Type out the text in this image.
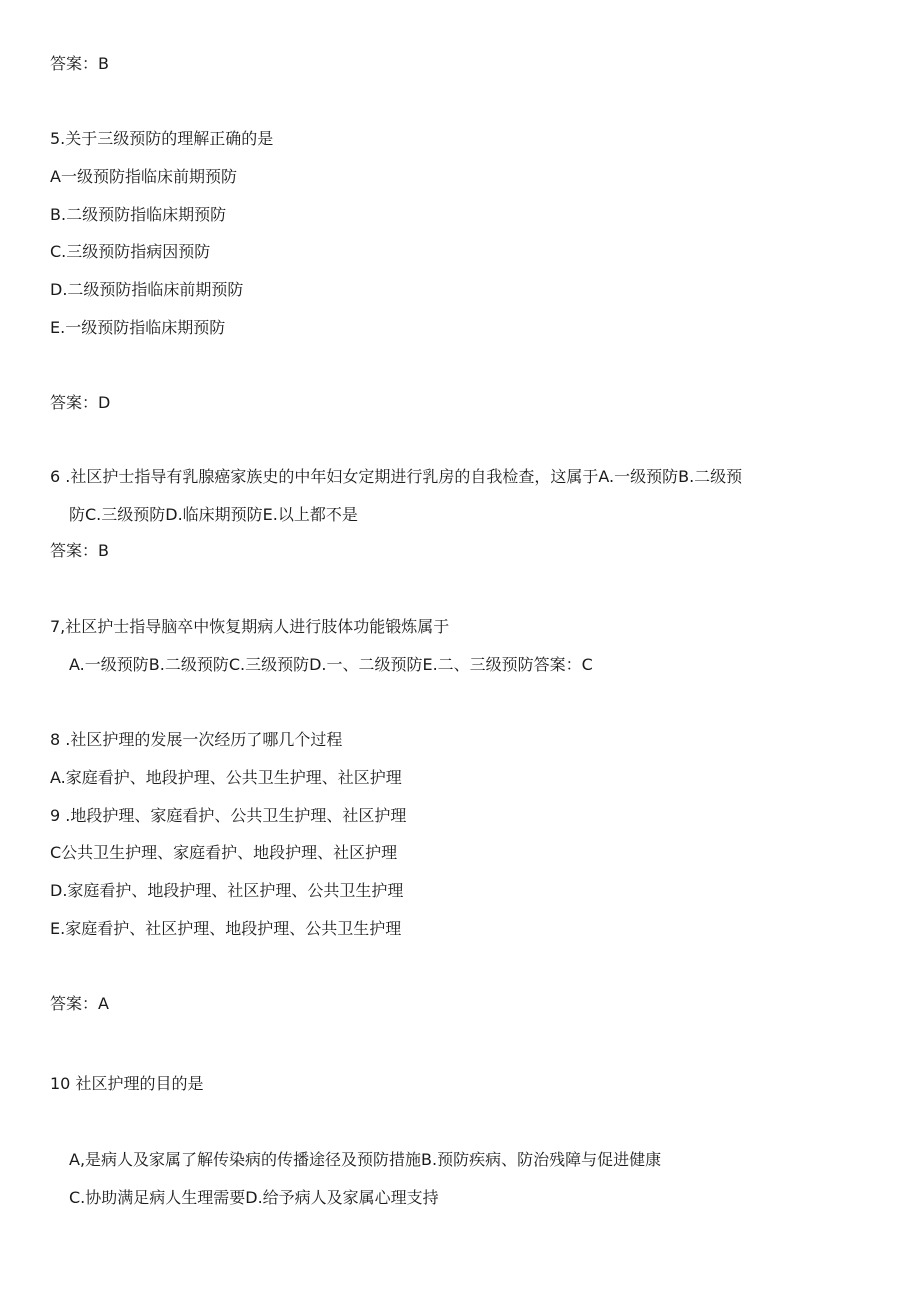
答案：B
5.关于三级预防的理解正确的是
A一级预防指临床前期预防
B.二级预防指临床期预防
C.三级预防指病因预防
D.二级预防指临床前期预防
E.一级预防指临床期预防
答案：D
6 .社区护士指导有乳腺癌家族史的中年妇女定期进行乳房的自我检查，这属于A.一级预防B.二级预
防C.三级预防D.临床期预防E.以上都不是
答案：B
7,社区护士指导脑卒中恢复期病人进行肢体功能锻炼属于
A.一级预防B.二级预防C.三级预防D.一、二级预防E.二、三级预防答案：C
8 .社区护理的发展一次经历了哪几个过程
A.家庭看护、地段护理、公共卫生护理、社区护理
9 .地段护理、家庭看护、公共卫生护理、社区护理
C公共卫生护理、家庭看护、地段护理、社区护理
D.家庭看护、地段护理、社区护理、公共卫生护理
E.家庭看护、社区护理、地段护理、公共卫生护理
答案：A
10 社区护理的目的是
A,是病人及家属了解传染病的传播途径及预防措施B.预防疾病、防治残障与促进健康
C.协助满足病人生理需要D.给予病人及家属心理支持
